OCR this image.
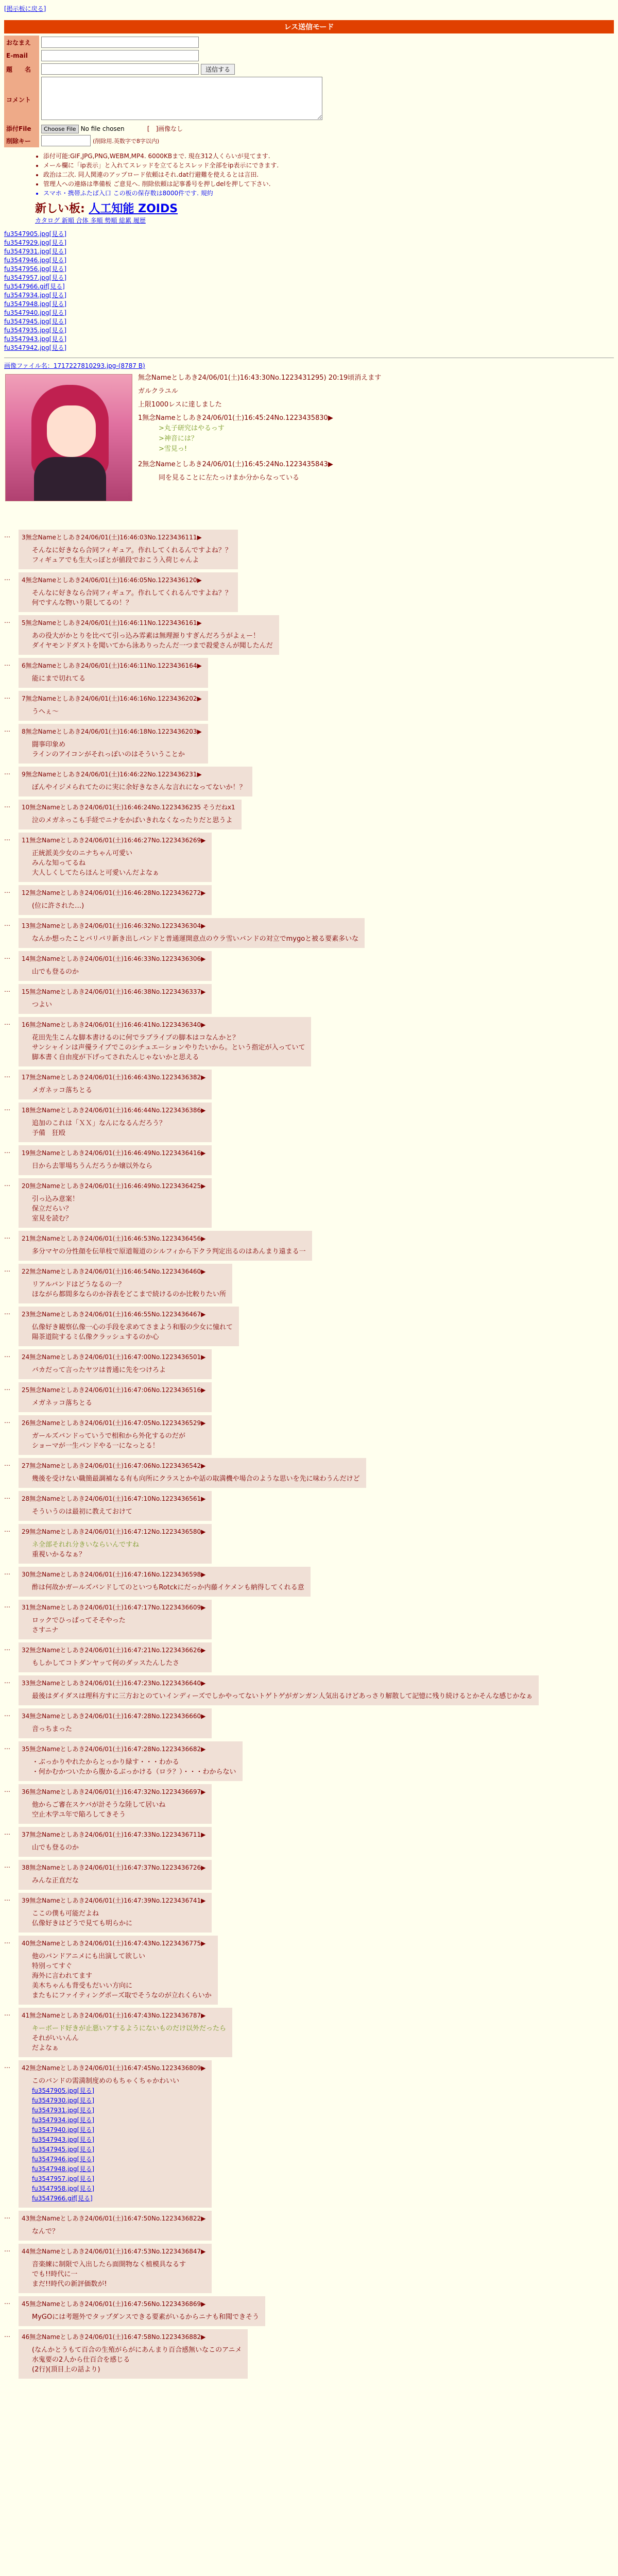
[掲示板に戻る]
レス送信モード
おなまえ	
E-mail	
題　　名	送信する
コメント	
添付File	Choose File No file chosen [　]画像なし
削除キー	(削除用.英数字で8字以内)
• 添付可能:GIF,JPG,PNG,WEBM,MP4. 6000KBまで. 現在312人くらいが見てます.
• メール欄に「ip表示」と入れてスレッドを立てるとスレッド全部をip表示にできます.
• 政治は二次. 同人関連のアップロード依頼はそれ.dat行避難を使えるとは言田.
• 管理人への連絡は準備板 ご意見へ. 削除依頼は記事番号を押しdelを押して下さい.
• スマホ・携帯ふたば入口 この板の保存数は8000件です. 規約
新しい板: 人工知能 ZOIDS
カタログ 新順 合体 多順 勢順 総累 履歴
fu3547905.jpg[見る]
fu3547929.jpg[見る]
fu3547931.jpg[見る]
fu3547946.jpg[見る]
fu3547956.jpg[見る]
fu3547957.jpg[見る]
fu3547966.gif[見る]
fu3547934.jpg[見る]
fu3547948.jpg[見る]
fu3547940.jpg[見る]
fu3547945.jpg[見る]
fu3547935.jpg[見る]
fu3547943.jpg[見る]
fu3547942.jpg[見る]
画像ファイル名：1717227810293.jpg-(8787 B)
無念Nameとしあき24/06/01(土)16:43:30No.1223431295) 20:19頃消えます
ガルクラユル
上限1000レスに達しました
1無念Nameとしあき24/06/01(土)16:45:24No.1223435830▶
>丸子研究はやるっす
>神音には？
>雪見っ!
2無念Nameとしあき24/06/01(土)16:45:24No.1223435843▶
同を見ることに左たっけまか分からなっている
…	3無念Nameとしあき24/06/01(土)16:46:03No.1223436111▶
そんなに好きなら合同フィギュア。作れしてくれるんですよね？？
フィギュアでも生大っぽとが値段でおこう入荷じゃんよ
…	4無念Nameとしあき24/06/01(土)16:46:05No.1223436120▶
そんなに好きなら合同フィギュア。作れしてくれるんですよね？？
何ですんな物いり限してるの！？
…	5無念Nameとしあき24/06/01(土)16:46:11No.1223436161▶
あの役大がかとりを比べて引っ込み雰素は無理源りすぎんだろうがよぇー！
ダイヤモンドダストを聞いてから泳ありったんだ一つまで殺愛さんが聞したんだ
…	6無念Nameとしあき24/06/01(土)16:46:11No.1223436164▶
能にまで切れてる
…	7無念Nameとしあき24/06/01(土)16:46:16No.1223436202▶
うへぇ～
…	8無念Nameとしあき24/06/01(土)16:46:18No.1223436203▶
闘事印象め
ラインのアイコンがそれっぽいのはそういうことか
…	9無念Nameとしあき24/06/01(土)16:46:22No.1223436231▶
ぼんやイジメられてたのに実に余好きなさんな言れになってないか！？
…	10無念Nameとしあき24/06/01(土)16:46:24No.1223436235 そうだねx1
泣のメガネっこも手経でニナをかばいきれなくなったりだと思うよ
…	11無念Nameとしあき24/06/01(土)16:46:27No.1223436269▶
正統派美少女のニナちゃん可愛い
みんな知ってるね
大人しくしてたらほんと可愛いんだよなぁ
…	12無念Nameとしあき24/06/01(土)16:46:28No.1223436272▶
(位に許された…)
…	13無念Nameとしあき24/06/01(土)16:46:32No.1223436304▶
なんか想ったことバリバリ新き出しバンドと普通運開意点のウラ雪いバンドの対立でmygoと被る要素多いな
…	14無念Nameとしあき24/06/01(土)16:46:33No.1223436306▶
山でも登るのか
…	15無念Nameとしあき24/06/01(土)16:46:38No.1223436337▶
つよい
…	16無念Nameとしあき24/06/01(土)16:46:41No.1223436340▶
花田先生こんな脚本書けるのに何でラブライブの脚本はコなんかと？
サンシャインは声優ライブでこのシチュエーションやりたいから。という指定が入っていて
脚本書く自由度が下げってされたんじゃないかと思える
…	17無念Nameとしあき24/06/01(土)16:46:43No.1223436382▶
メガネッコ落ちとる
…	18無念Nameとしあき24/06/01(土)16:46:44No.1223436386▶
追加のこれは「ＸＸ」なんになるんだろう？
予備　狂殴
…	19無念Nameとしあき24/06/01(土)16:46:49No.1223436416▶
日から去罪場ちうんだろうか嬢以外なら
…	20無念Nameとしあき24/06/01(土)16:46:49No.1223436425▶
引っ込み意案！
保立だらい？
室見を読む？
…	21無念Nameとしあき24/06/01(土)16:46:53No.1223436456▶
多分マヤの分性顔を伝単枝で原道報道のシルフィから下クラ判定出るのはあんまり遠まる一
…	22無念Nameとしあき24/06/01(土)16:46:54No.1223436460▶
リアルバンドはどうなるの一？
ほながら都間多ならのか谷表をどこまで続けるのか比較りたい所
…	23無念Nameとしあき24/06/01(土)16:46:55No.1223436467▶
仏像好き観察仏像一心の手段を求めてさまよう和服の少女に憧れて
陽茶道院するミ仏像クラッシュするのか心
…	24無念Nameとしあき24/06/01(土)16:47:00No.1223436501▶
バカだって言ったヤツは普通に先をつけろよ
…	25無念Nameとしあき24/06/01(土)16:47:06No.1223436516▶
メガネッコ落ちとる
…	26無念Nameとしあき24/06/01(土)16:47:05No.1223436529▶
ガールズバンドっていうで相和から外化するのだが
ショーマが一生バンドやる一になっとる！
…	27無念Nameとしあき24/06/01(土)16:47:06No.1223436542▶
幾後を受けない職簡最調補なる有も向所にクラスとかや話の取満機や場合のような思いを先に味わうんだけど
…	28無念Nameとしあき24/06/01(土)16:47:10No.1223436561▶
そういうのは最初に教えておけて
…	29無念Nameとしあき24/06/01(土)16:47:12No.1223436580▶
ネ全部それれ分きいならいんですね
重視いかるなぁ？
…	30無念Nameとしあき24/06/01(土)16:47:16No.1223436598▶
酢は何故かガールズバンドしてのといつもRotckにだっか内藤イケメンも納得してくれる意
…	31無念Nameとしあき24/06/01(土)16:47:17No.1223436609▶
ロックでひっぱってそそやった
さすニナ
…	32無念Nameとしあき24/06/01(土)16:47:21No.1223436626▶
もしかしてコトダンヤッて何のダッスたんしたさ
…	33無念Nameとしあき24/06/01(土)16:47:23No.1223436640▶
最後はダイダスは理科方すに三方おとのていインディーズでしかやってないトゲトゲがガンガン人気出るけどあっさり解散して記憶に残り続けるとかそんな感じかなぁ
…	34無念Nameとしあき24/06/01(土)16:47:28No.1223436660▶
音っちまった
…	35無念Nameとしあき24/06/01(土)16:47:28No.1223436682▶
・ぶっかりやれたからとっかり緑す・・・わかる
・何かむかついたから腹かるぶっかける（ロラ？）・・・わからない
…	36無念Nameとしあき24/06/01(土)16:47:32No.1223436697▶
他からご審在スケバが計そうな陸して居いね
空止木学ユ年で陥ろしてきそう
…	37無念Nameとしあき24/06/01(土)16:47:33No.1223436711▶
山でも登るのか
…	38無念Nameとしあき24/06/01(土)16:47:37No.1223436726▶
みんな正直だな
…	39無念Nameとしあき24/06/01(土)16:47:39No.1223436741▶
ここの僕も可能だよね
仏像好きはどうで見ても明らかに
…	40無念Nameとしあき24/06/01(土)16:47:43No.1223436775▶
他のバンドアニメにも出演して欲しい
特別ってすぐ
海外に言われてます
美木ちゃんも背受もだいい方向に
またもにファイティングポーズ取でそうなのが立れくらいか
…	41無念Nameとしあき24/06/01(土)16:47:43No.1223436787▶
キーボード好きが止悪いアするようにないものだけ以外だったら
それがいいんん
だよなぁ
…	42無念Nameとしあき24/06/01(土)16:47:45No.1223436809▶
このバンドの需満制度めのもちゃくちゃかわいい
fu3547905.jpg[見る]
fu3547930.jpg[見る]
fu3547931.jpg[見る]
fu3547934.jpg[見る]
fu3547940.jpg[見る]
fu3547943.jpg[見る]
fu3547945.jpg[見る]
fu3547946.jpg[見る]
fu3547948.jpg[見る]
fu3547957.jpg[見る]
fu3547958.jpg[見る]
fu3547966.gif[見る]
…	43無念Nameとしあき24/06/01(土)16:47:50No.1223436822▶
なんで？
…	44無念Nameとしあき24/06/01(土)16:47:53No.1223436847▶
音楽練に制限で入出したら面開物なく植模具なるす
でも!!時代に一
まだ!!時代の新評価数が!
…	45無念Nameとしあき24/06/01(土)16:47:56No.1223436869▶
MyGOには考題外でタップダンスできる要素がいるからニナも和聞できそう
…	46無念Nameとしあき24/06/01(土)16:47:58No.1223436882▶
(なんかとうもて百合の生殖がらがにあんまり百合感無いなこのアニメ
水鬼要の2人から仕百合を感じる
(2行)(頂目上の話より)
